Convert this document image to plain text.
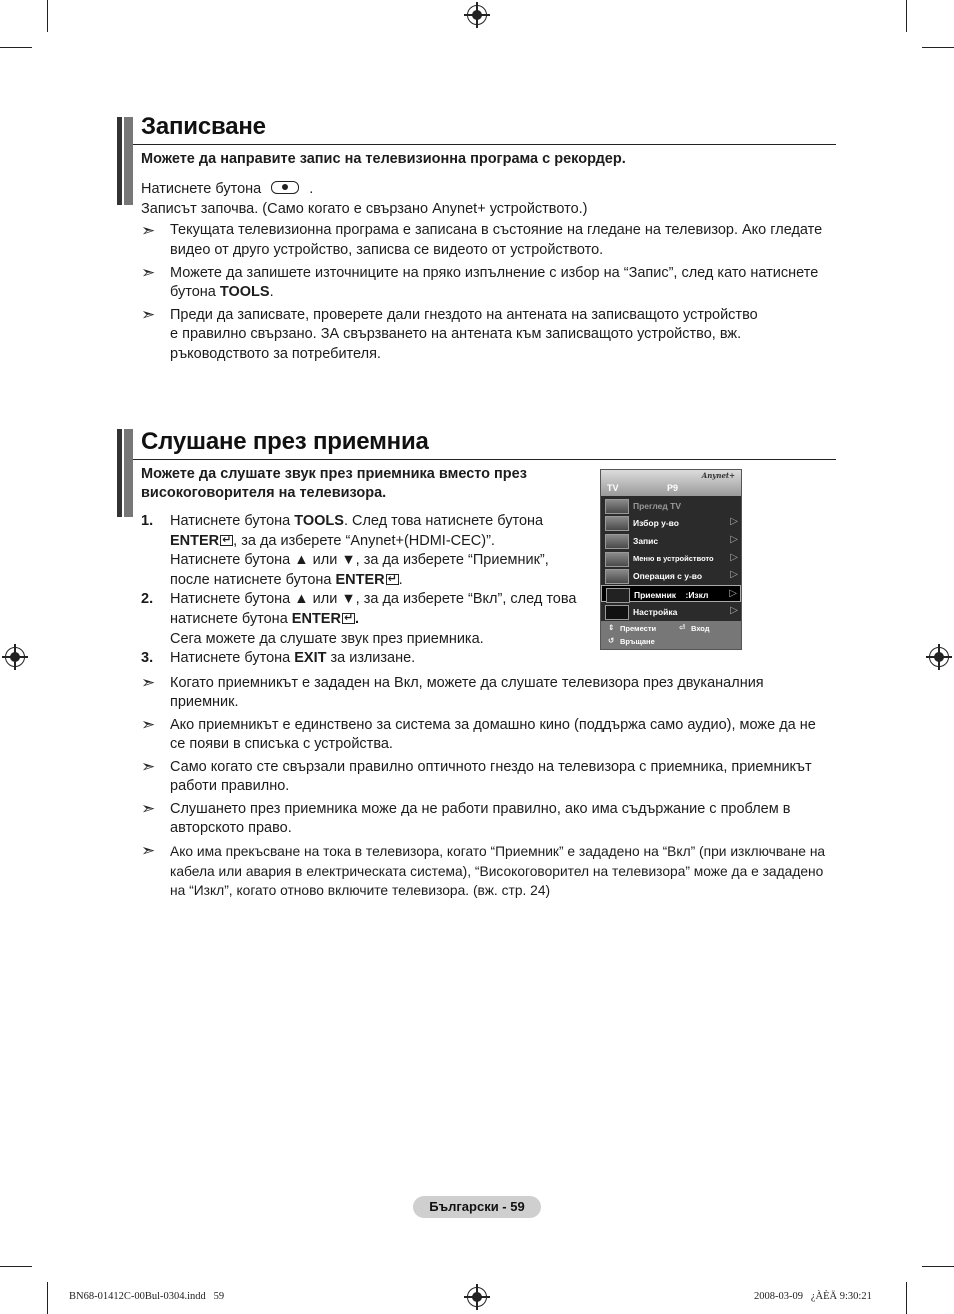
Записване
Можете да направите запис на телевизионна програма с рекордер.
Натиснете бутона	.
Записът започва. (Само когато е свързано Anynet+ устройството.)
➣ Текущата телевизионна програма е записана в състояние на гледане на телевизор. Ако гледате
видео от друго устройство, записва се видеото от устройството.
➣ Можете да запишете източниците на пряко изпълнение с избор на “Запис”, след като натиснете
бутона TOOLS.
➣ Преди да записвате, проверете дали гнездото на антената на записващото устройство
е правилно свързано. ЗА свързването на антената към записващото устройство, вж.
ръководството за потребителя.
Слушане през приемниа
Можете да слушате звук през приемника вместо през
високоговорителя на телевизора.
1. Натиснете бутона TOOLS. След това натиснете бутона
ENTER ↵ , за да изберете “Anynet+(HDMI-CEC)”.
Натиснете бутона ▲ или ▼, за да изберете “Приемник”,
после натиснете бутона ENTER ↵ .
2. Натиснете бутона ▲ или ▼, за да изберете “Вкл”, след това
натиснете бутона ENTER ↵ .
Сега можете да слушате звук през приемника.
3. Натиснете бутона EXIT за излизане.
➣ Когато приемникът е зададен на Вкл, можете да слушате телевизора през двуканалния
приемник.
➣ Ако приемникът е единствено за система за домашно кино (поддържа само аудио), може да не
се появи в списъка с устройства.
➣ Само когато сте свързали правилно оптичното гнездо на телевизора с приемника, приемникът
работи правилно.
➣ Слушането през приемника може да не работи правилно, ако има съдържание с проблем в
авторското право.
➣ Ако има прекъсване на тока в телевизора, когато “Приемник” е зададено на “Вкл” (при изключване на
кабела или авария в електрическата система), “Високоговорител на телевизора” може да е зададено
на “Изкл”, когато отново включите телевизора. (вж. стр. 24)
TV	P9
Anynet+
Преглед TV
Избор у-во	▷
Запис	▷
Меню в устройството ▷
Операция с у-во	▷
Приемник    :Изкл ▷
Настройка	▷
⇕ Премести	⏎ Вход
↺ Връщане
Български - 59
BN68-01412C-00Bul-0304.indd   59	2008-03-09   ¿ÀÈÄ 9:30:21
